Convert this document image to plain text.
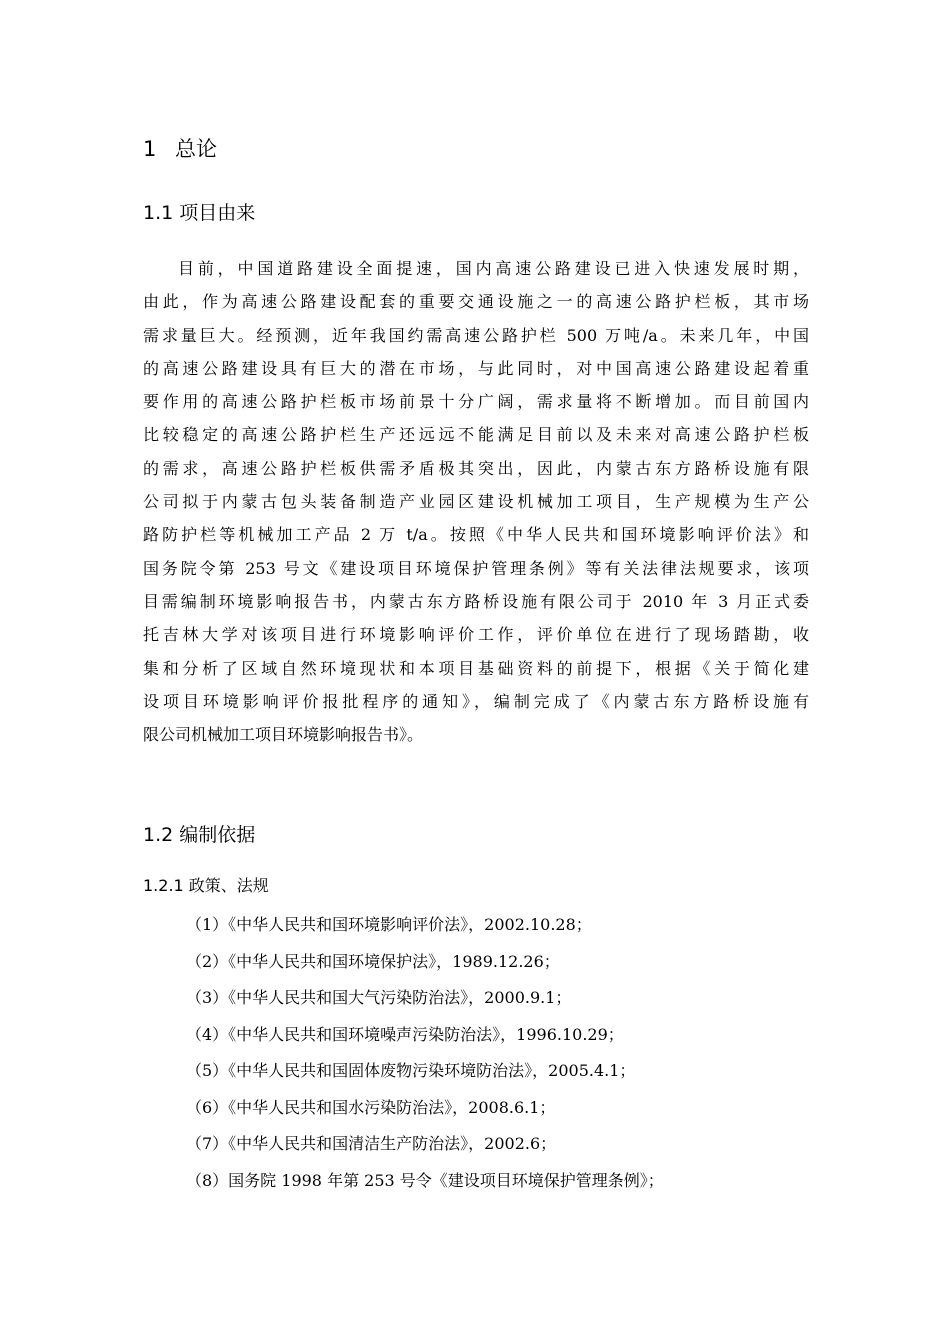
1 总论
1.1 项目由来
目前，中国道路建设全面提速，国内高速公路建设已进入快速发展时期，
由此，作为高速公路建设配套的重要交通设施之一的高速公路护栏板，其市场
需求量巨大。经预测，近年我国约需高速公路护栏 500 万吨/a。未来几年，中国
的高速公路建设具有巨大的潜在市场，与此同时，对中国高速公路建设起着重
要作用的高速公路护栏板市场前景十分广阔，需求量将不断增加。而目前国内
比较稳定的高速公路护栏生产还远远不能满足目前以及未来对高速公路护栏板
的需求，高速公路护栏板供需矛盾极其突出，因此，内蒙古东方路桥设施有限
公司拟于内蒙古包头装备制造产业园区建设机械加工项目，生产规模为生产公
路防护栏等机械加工产品 2 万 t/a。按照《中华人民共和国环境影响评价法》和
国务院令第 253 号文《建设项目环境保护管理条例》等有关法律法规要求，该项
目需编制环境影响报告书，内蒙古东方路桥设施有限公司于 2010 年 3 月正式委
托吉林大学对该项目进行环境影响评价工作，评价单位在进行了现场踏勘，收
集和分析了区域自然环境现状和本项目基础资料的前提下，根据《关于简化建
设项目环境影响评价报批程序的通知》，编制完成了《内蒙古东方路桥设施有
限公司机械加工项目环境影响报告书》。
1.2 编制依据
1.2.1 政策、法规
（1）《中华人民共和国环境影响评价法》，2002.10.28；
（2）《中华人民共和国环境保护法》，1989.12.26；
（3）《中华人民共和国大气污染防治法》，2000.9.1；
（4）《中华人民共和国环境噪声污染防治法》，1996.10.29；
（5）《中华人民共和国固体废物污染环境防治法》，2005.4.1；
（6）《中华人民共和国水污染防治法》，2008.6.1；
（7）《中华人民共和国清洁生产防治法》，2002.6；
（8）国务院 1998 年第 253 号令《建设项目环境保护管理条例》；
